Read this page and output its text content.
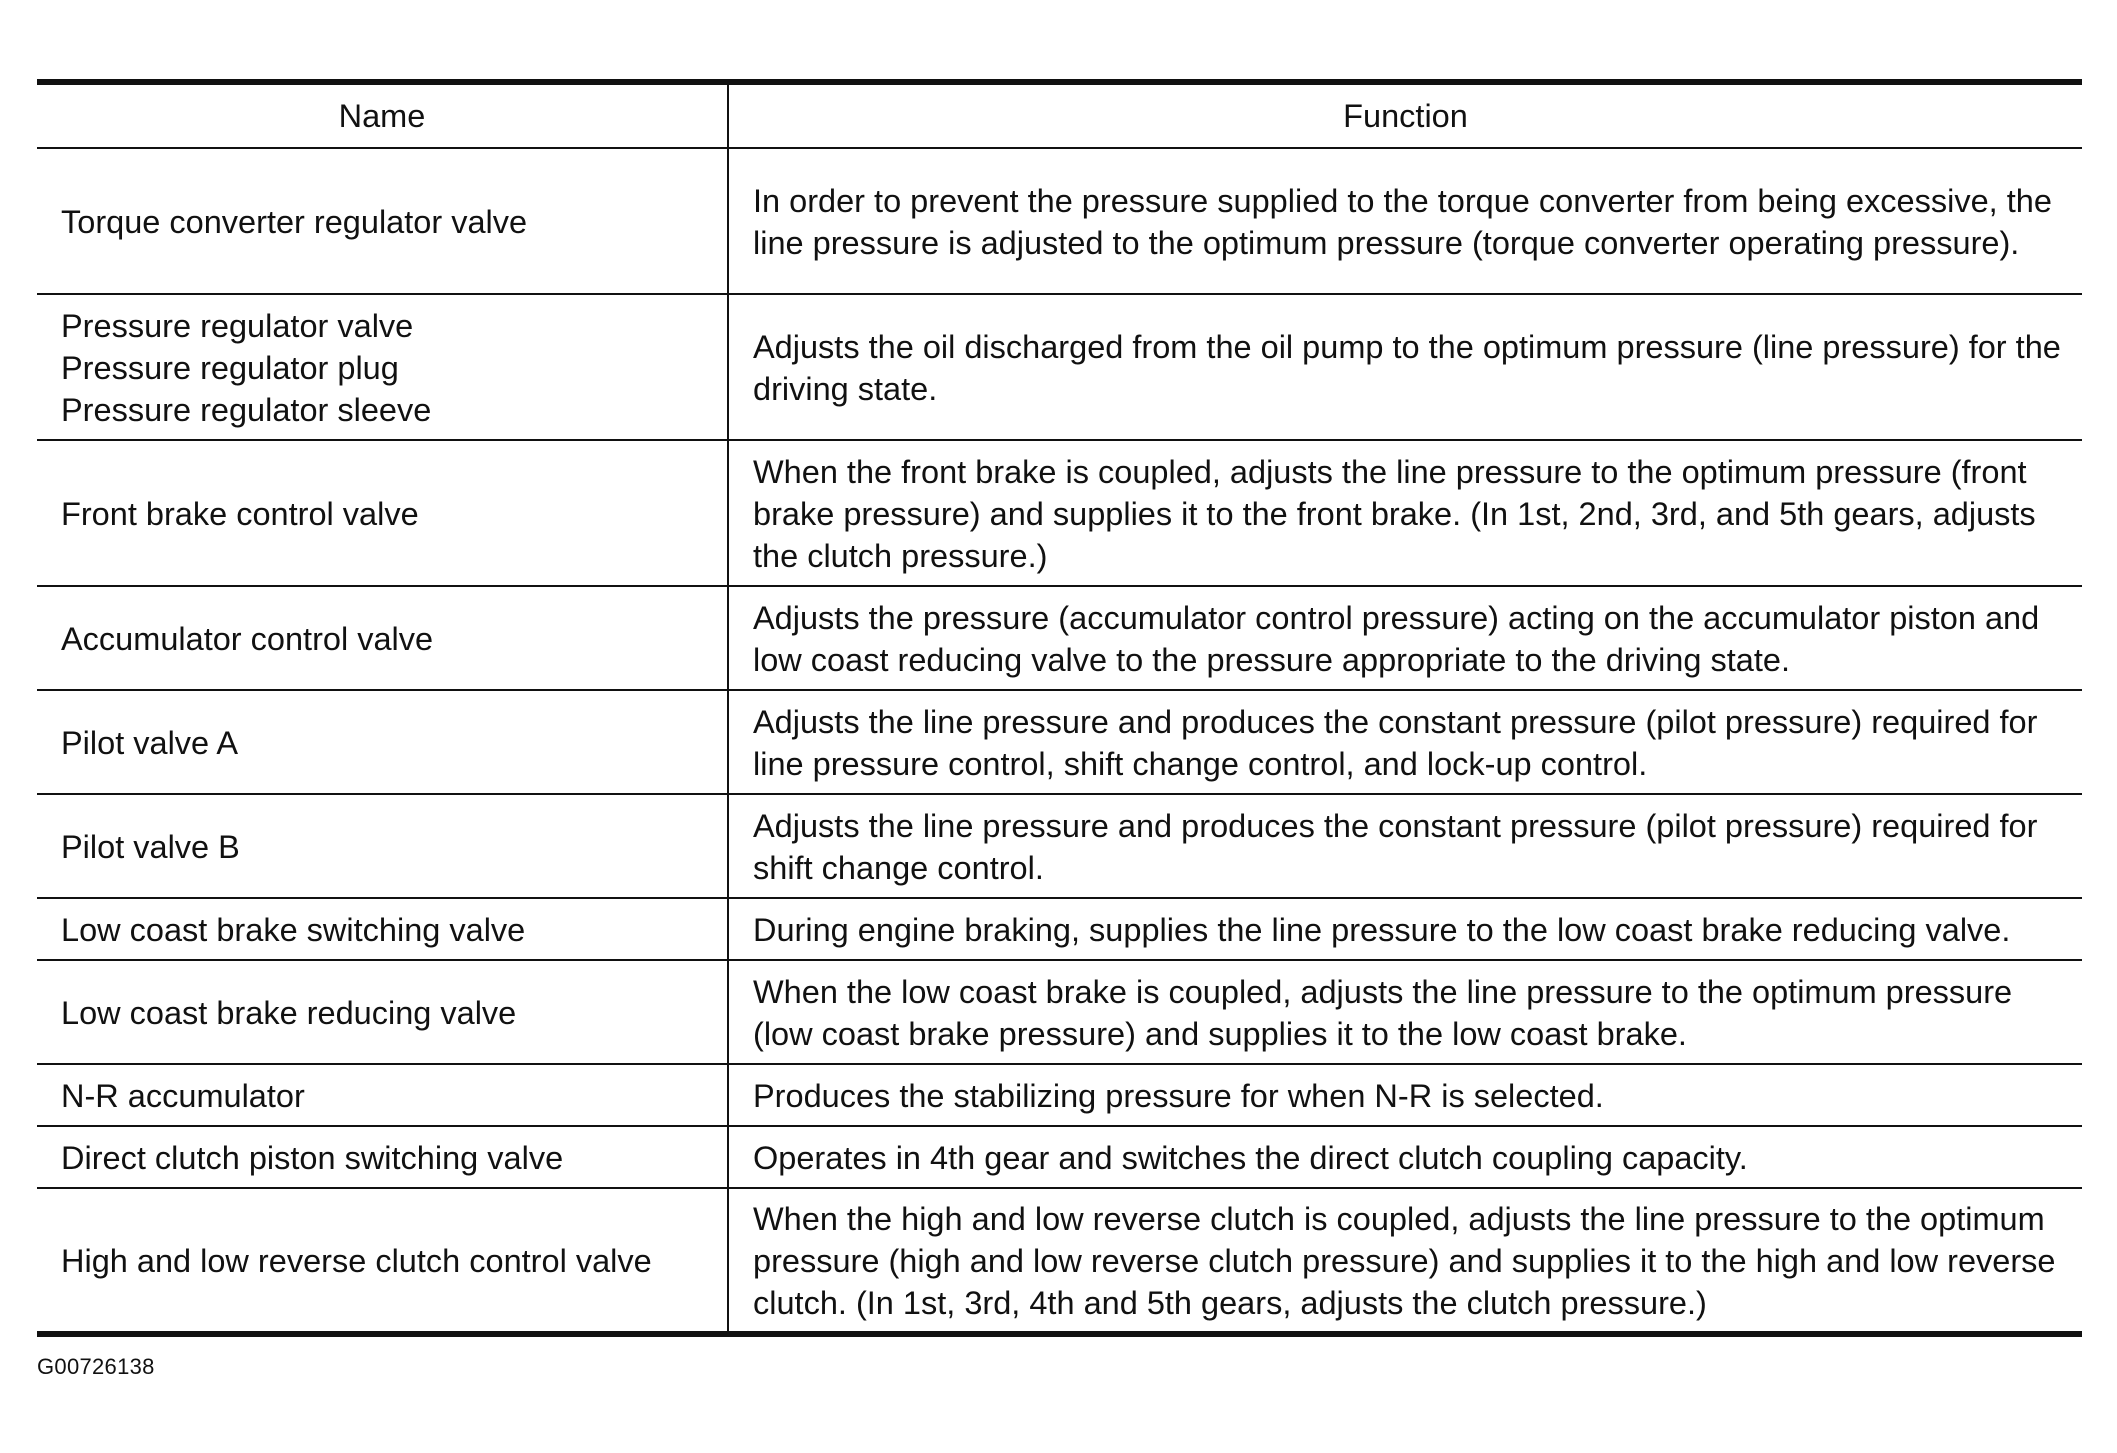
Name	Function

Torque converter regulator valve	In order to prevent the pressure supplied to the torque converter from being excessive, the line pressure is adjusted to the optimum pressure (torque converter operating pressure).

Pressure regulator valve
Pressure regulator plug
Pressure regulator sleeve	Adjusts the oil discharged from the oil pump to the optimum pressure (line pressure) for the driving state.

Front brake control valve	When the front brake is coupled, adjusts the line pressure to the optimum pressure (front brake pressure) and supplies it to the front brake. (In 1st, 2nd, 3rd, and 5th gears, adjusts the clutch pressure.)

Accumulator control valve	Adjusts the pressure (accumulator control pressure) acting on the accumulator piston and low coast reducing valve to the pressure appropriate to the driving state.

Pilot valve A	Adjusts the line pressure and produces the constant pressure (pilot pressure) required for line pressure control, shift change control, and lock-up control.

Pilot valve B	Adjusts the line pressure and produces the constant pressure (pilot pressure) required for shift change control.

Low coast brake switching valve	During engine braking, supplies the line pressure to the low coast brake reducing valve.

Low coast brake reducing valve	When the low coast brake is coupled, adjusts the line pressure to the optimum pressure (low coast brake pressure) and supplies it to the low coast brake.

N-R accumulator	Produces the stabilizing pressure for when N-R is selected.

Direct clutch piston switching valve	Operates in 4th gear and switches the direct clutch coupling capacity.

High and low reverse clutch control valve	When the high and low reverse clutch is coupled, adjusts the line pressure to the optimum pressure (high and low reverse clutch pressure) and supplies it to the high and low reverse clutch. (In 1st, 3rd, 4th and 5th gears, adjusts the clutch pressure.)
G00726138
